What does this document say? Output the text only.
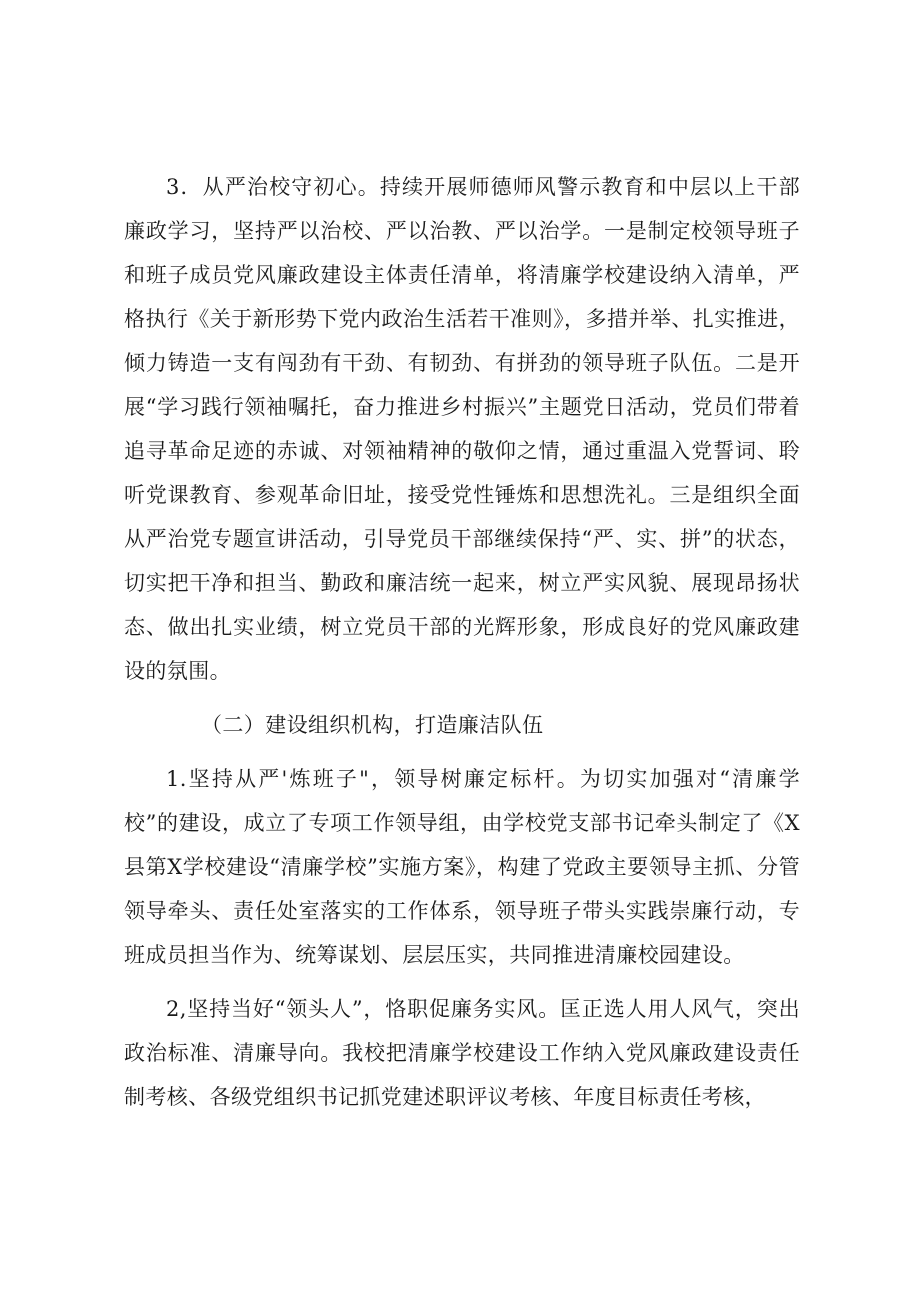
3．从严治校守初心。持续开展师德师风警示教育和中层以上干部廉政学习，坚持严以治校、严以治教、严以治学。一是制定校领导班子和班子成员党风廉政建设主体责任清单，将清廉学校建设纳入清单，严格执行《关于新形势下党内政治生活若干准则》，多措并举、扎实推进，倾力铸造一支有闯劲有干劲、有韧劲、有拼劲的领导班子队伍。二是开展“学习践行领袖嘱托，奋力推进乡村振兴”主题党日活动，党员们带着追寻革命足迹的赤诚、对领袖精神的敬仰之情，通过重温入党誓词、聆听党课教育、参观革命旧址，接受党性锤炼和思想洗礼。三是组织全面从严治党专题宣讲活动，引导党员干部继续保持“严、实、拼”的状态，切实把干净和担当、勤政和廉洁统一起来，树立严实风貌、展现昂扬状态、做出扎实业绩，树立党员干部的光辉形象，形成良好的党风廉政建设的氛围。

（二）建设组织机构，打造廉洁队伍

1.坚持从严'炼班子"，领导树廉定标杆。为切实加强对“清廉学校”的建设，成立了专项工作领导组，由学校党支部书记牵头制定了《X县第X学校建设“清廉学校”实施方案》，构建了党政主要领导主抓、分管领导牵头、责任处室落实的工作体系，领导班子带头实践崇廉行动，专班成员担当作为、统筹谋划、层层压实，共同推进清廉校园建设。

2,坚持当好“领头人”，恪职促廉务实风。匡正选人用人风气，突出政治标准、清廉导向。我校把清廉学校建设工作纳入党风廉政建设责任制考核、各级党组织书记抓党建述职评议考核、年度目标责任考核，
